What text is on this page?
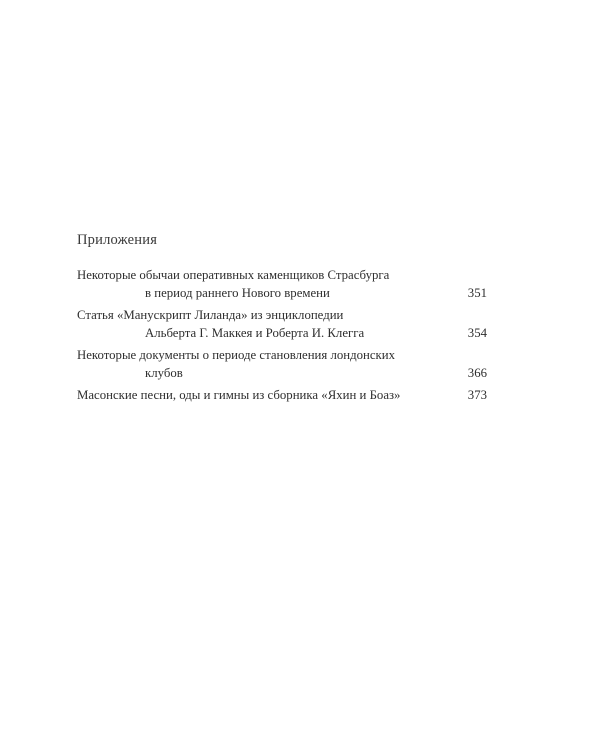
Приложения
Некоторые обычаи оперативных каменщиков Страсбурга
в период раннего Нового времени	351
Статья «Манускрипт Лиланда» из энциклопедии
Альберта Г. Маккея и Роберта И. Клегга	354
Некоторые документы о периоде становления лондонских
клубов	366
Масонские песни, оды и гимны из сборника «Яхин и Боаз»	373
